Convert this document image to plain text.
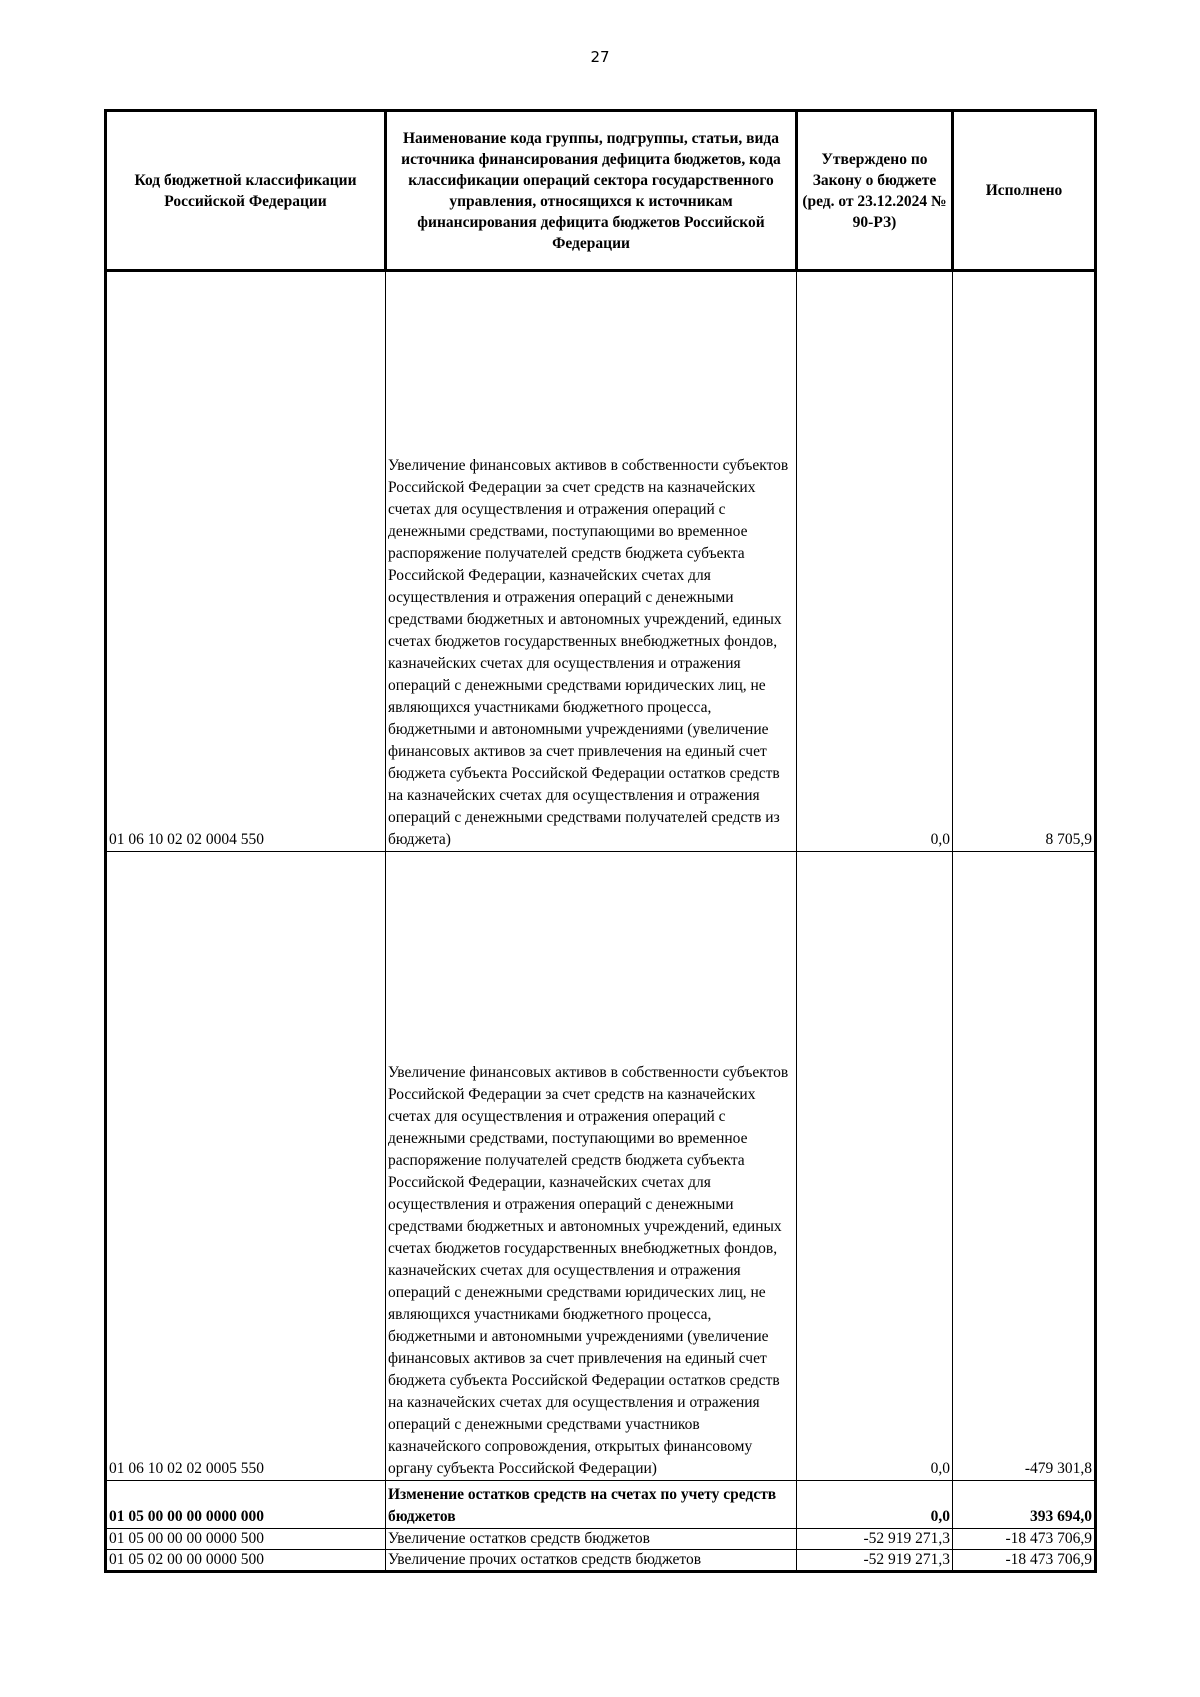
27
Код бюджетной классификации Российской Федерации	Наименование кода группы, подгруппы, статьи, вида источника финансирования дефицита бюджетов, кода классификации операций сектора государственного управления, относящихся к источникам финансирования дефицита бюджетов Российской Федерации	Утверждено по Закону о бюджете (ред. от 23.12.2024 № 90-РЗ)	Исполнено
01 06 10 02 02 0004 550	Увеличение финансовых активов в собственности субъектов Российской Федерации за счет средств на казначейских счетах для осуществления и отражения операций с денежными средствами, поступающими во временное распоряжение получателей средств бюджета субъекта Российской Федерации, казначейских счетах для осуществления и отражения операций с денежными средствами бюджетных и автономных учреждений, единых счетах бюджетов государственных внебюджетных фондов, казначейских счетах для осуществления и отражения операций с денежными средствами юридических лиц, не являющихся участниками бюджетного процесса, бюджетными и автономными учреждениями (увеличение финансовых активов за счет привлечения на единый счет бюджета субъекта Российской Федерации остатков средств на казначейских счетах для осуществления и отражения операций с денежными средствами получателей средств из бюджета)	0,0	8 705,9
01 06 10 02 02 0005 550	Увеличение финансовых активов в собственности субъектов Российской Федерации за счет средств на казначейских счетах для осуществления и отражения операций с денежными средствами, поступающими во временное распоряжение получателей средств бюджета субъекта Российской Федерации, казначейских счетах для осуществления и отражения операций с денежными средствами бюджетных и автономных учреждений, единых счетах бюджетов государственных внебюджетных фондов, казначейских счетах для осуществления и отражения операций с денежными средствами юридических лиц, не являющихся участниками бюджетного процесса, бюджетными и автономными учреждениями (увеличение финансовых активов за счет привлечения на единый счет бюджета субъекта Российской Федерации остатков средств на казначейских счетах для осуществления и отражения операций с денежными средствами участников казначейского сопровождения, открытых финансовому органу субъекта Российской Федерации)	0,0	-479 301,8
01 05 00 00 00 0000 000	Изменение остатков средств на счетах по учету средств бюджетов	0,0	393 694,0
01 05 00 00 00 0000 500	Увеличение остатков средств бюджетов	-52 919 271,3	-18 473 706,9
01 05 02 00 00 0000 500	Увеличение прочих остатков средств бюджетов	-52 919 271,3	-18 473 706,9
